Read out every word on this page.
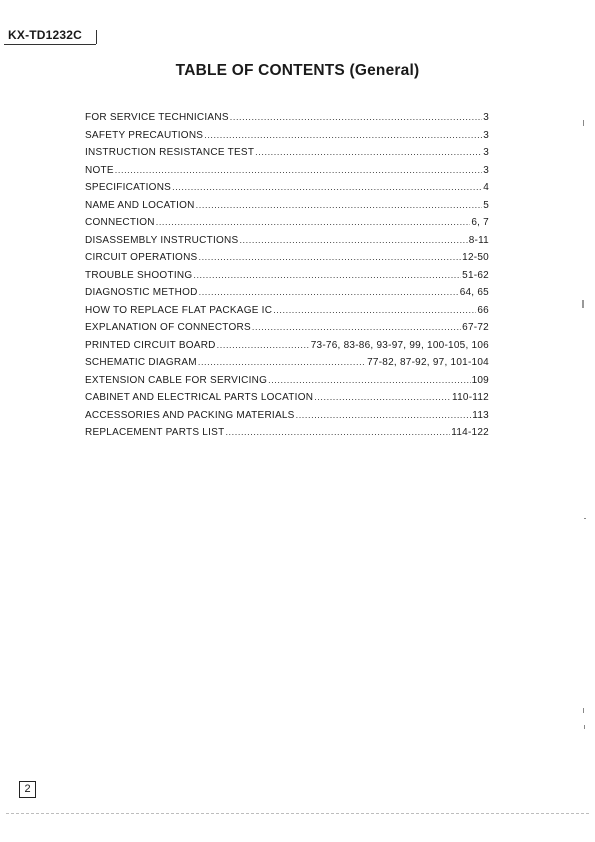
KX-TD1232C
TABLE OF CONTENTS (General)
FOR SERVICE TECHNICIANS .....	3
SAFETY PRECAUTIONS .....	3
INSTRUCTION RESISTANCE TEST .....	3
NOTE .....	3
SPECIFICATIONS .....	4
NAME AND LOCATION .....	5
CONNECTION .....	6, 7
DISASSEMBLY INSTRUCTIONS .....	8-11
CIRCUIT OPERATIONS .....	12-50
TROUBLE SHOOTING .....	51-62
DIAGNOSTIC METHOD .....	64, 65
HOW TO REPLACE FLAT PACKAGE IC .....	66
EXPLANATION OF CONNECTORS .....	67-72
PRINTED CIRCUIT BOARD .....	73-76, 83-86, 93-97, 99, 100-105, 106
SCHEMATIC DIAGRAM .....	77-82, 87-92, 97, 101-104
EXTENSION CABLE FOR SERVICING .....	109
CABINET AND ELECTRICAL PARTS LOCATION .....	110-112
ACCESSORIES AND PACKING MATERIALS .....	113
REPLACEMENT PARTS LIST .....	114-122
2
